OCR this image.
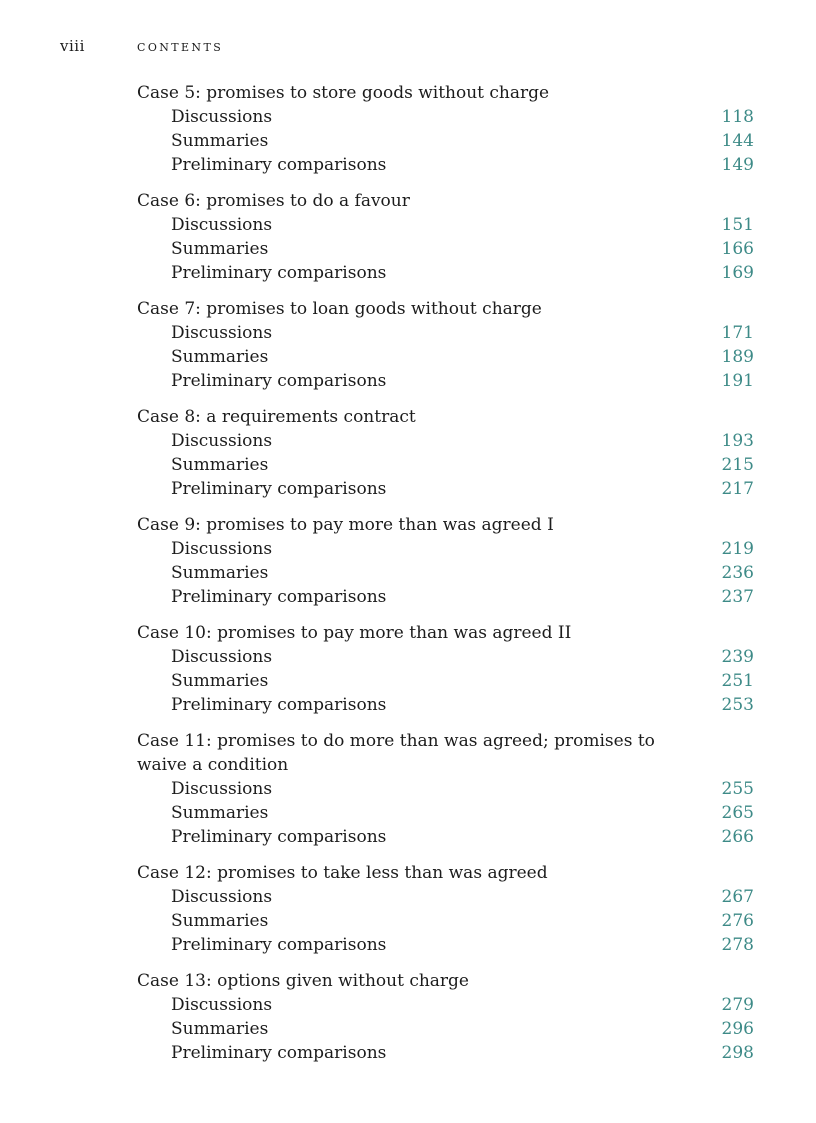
viii	CONTENTS
Case 5: promises to store goods without charge
Discussions	118
Summaries	144
Preliminary comparisons	149
Case 6: promises to do a favour
Discussions	151
Summaries	166
Preliminary comparisons	169
Case 7: promises to loan goods without charge
Discussions	171
Summaries	189
Preliminary comparisons	191
Case 8: a requirements contract
Discussions	193
Summaries	215
Preliminary comparisons	217
Case 9: promises to pay more than was agreed I
Discussions	219
Summaries	236
Preliminary comparisons	237
Case 10: promises to pay more than was agreed II
Discussions	239
Summaries	251
Preliminary comparisons	253
Case 11: promises to do more than was agreed; promises to waive a condition
Discussions	255
Summaries	265
Preliminary comparisons	266
Case 12: promises to take less than was agreed
Discussions	267
Summaries	276
Preliminary comparisons	278
Case 13: options given without charge
Discussions	279
Summaries	296
Preliminary comparisons	298
